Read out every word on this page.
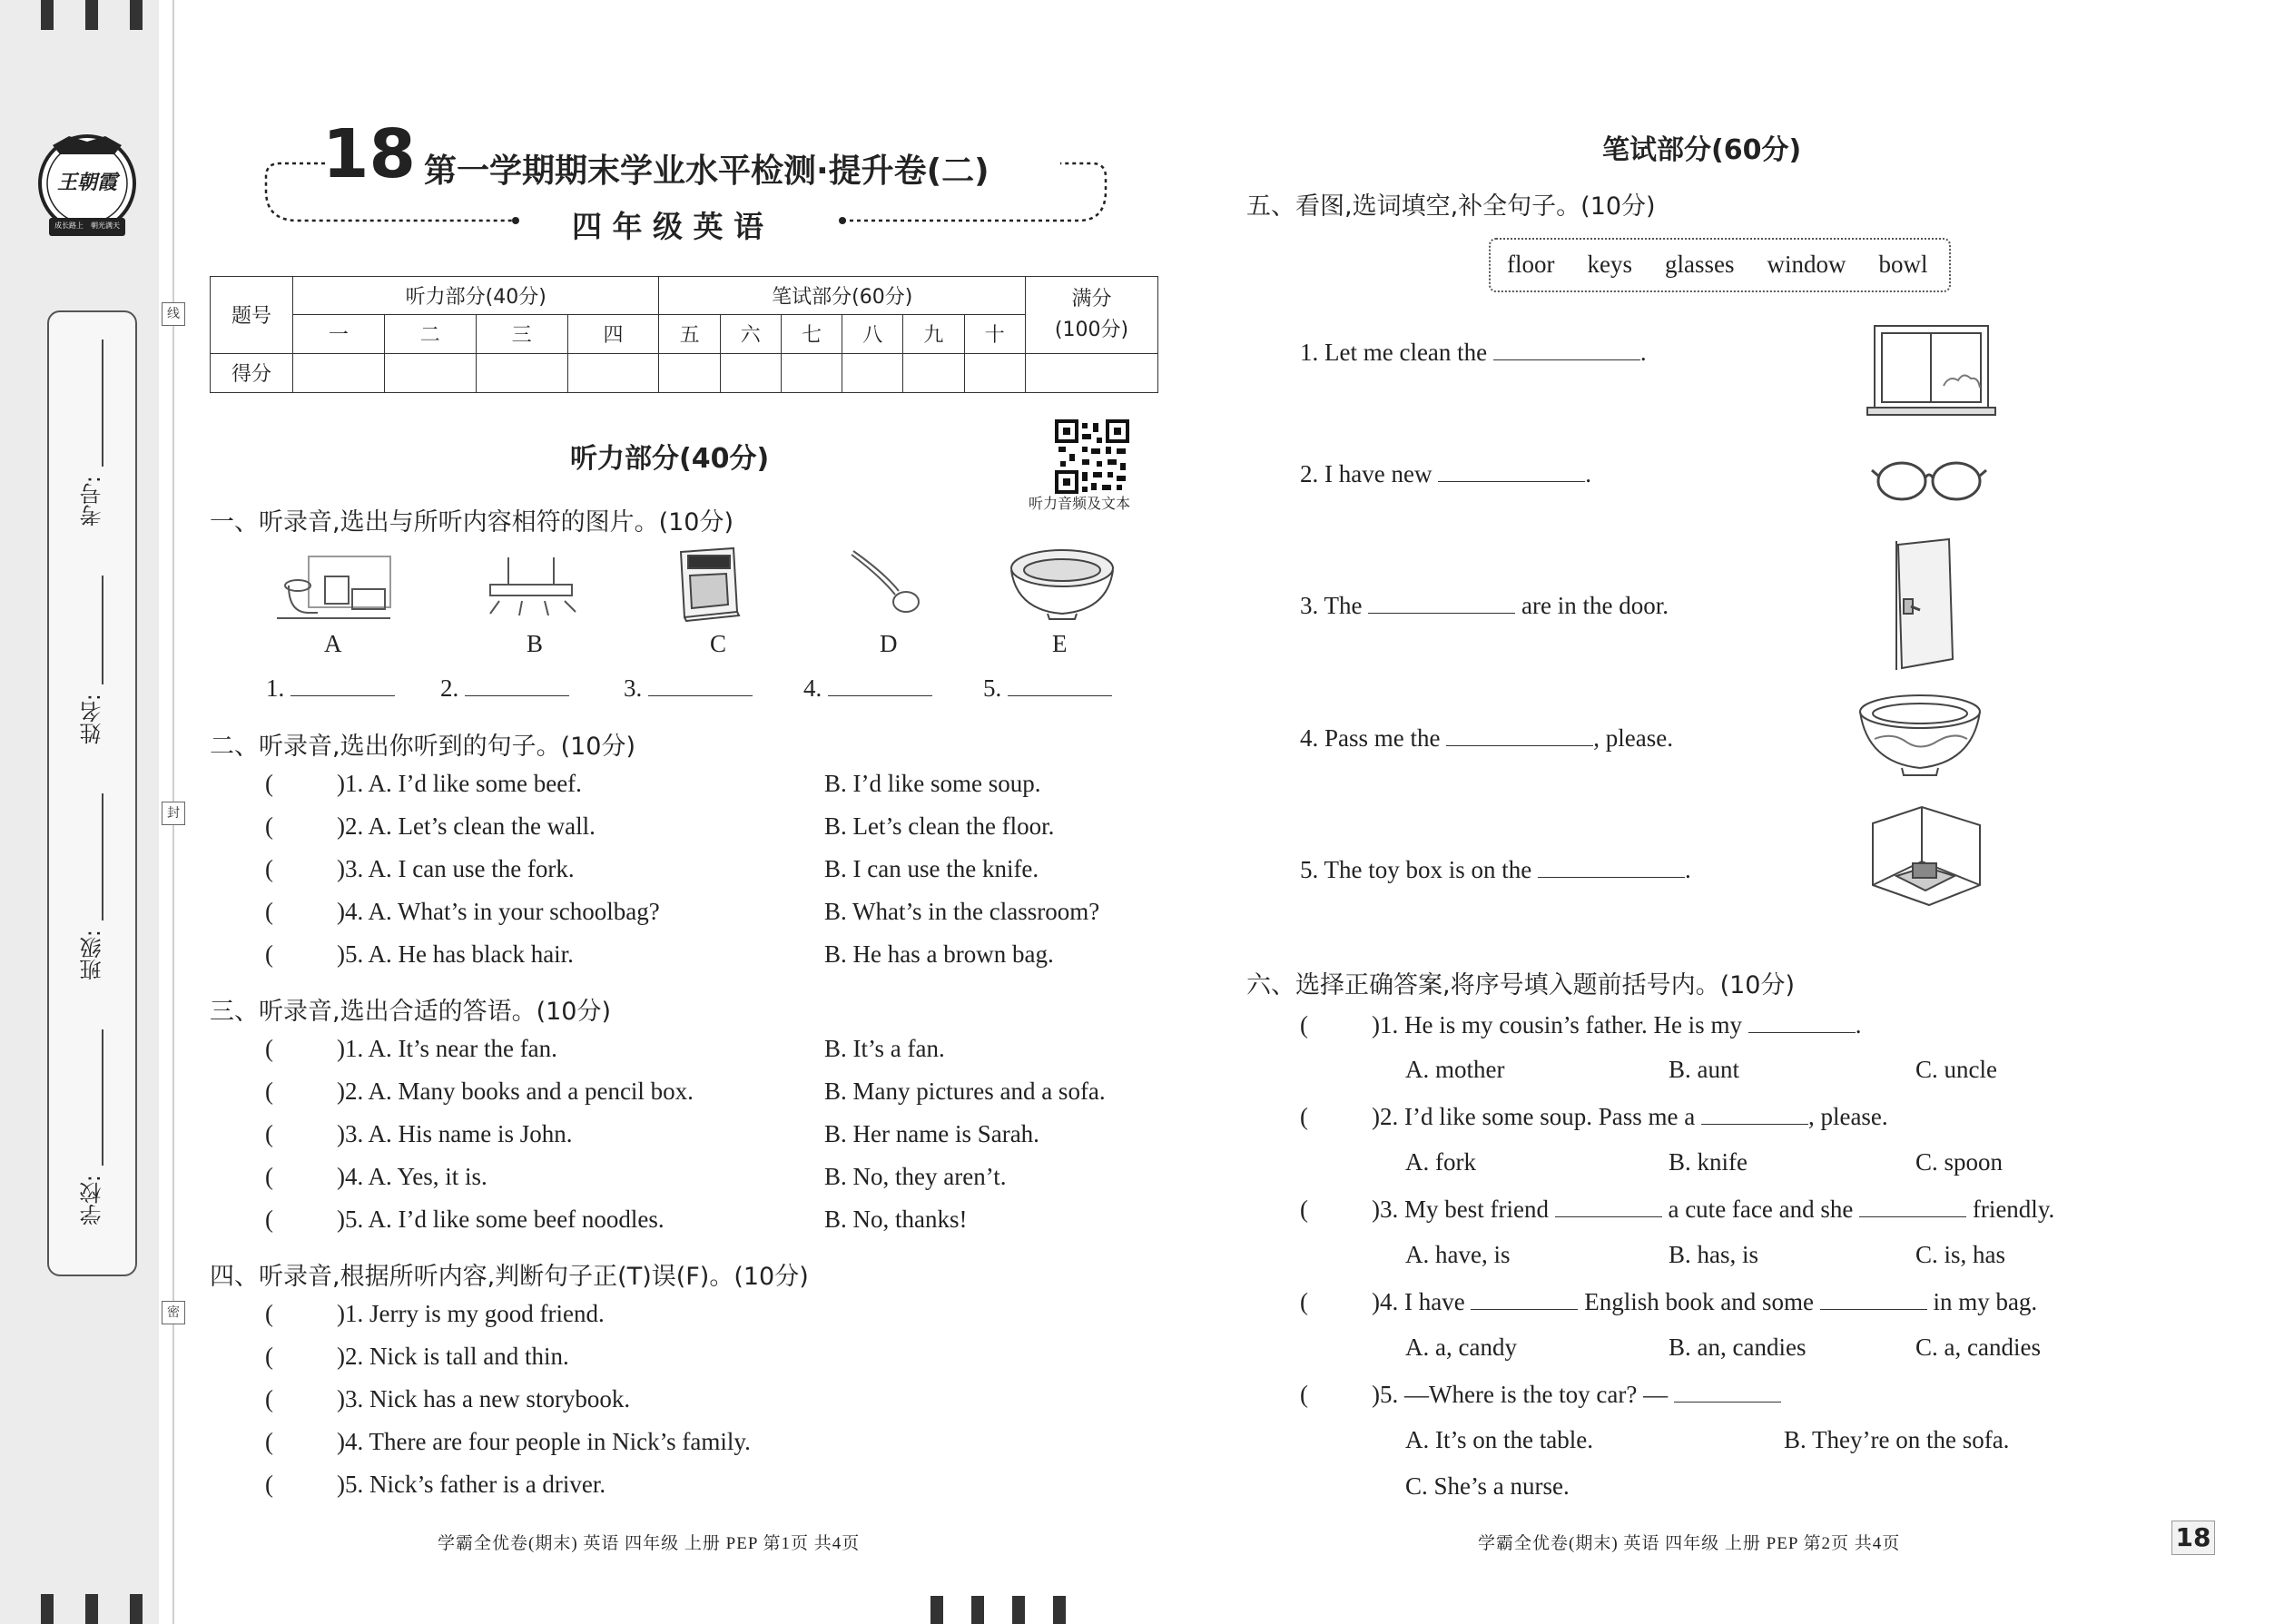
王朝霞
成长路上	朝光满天
线
封
密
考号:
姓名:
班级:
学校:
18 第一学期期末学业水平检测·提升卷(二)
四 年 级 英 语
题号	听力部分(40分)				笔试部分(60分)						满分
(100分)

	一	二	三	四	五	六	七	八	九	十	
得分											
听力部分(40分)
听力音频及文本
一、听录音,选出与所听内容相符的图片。(10分)
A	B	C	D	E
1.	2.	3.	4.	5.
二、听录音,选出你听到的句子。(10分)
(	)1. A. I’d like some beef.	B. I’d like some soup.
(	)2. A. Let’s clean the wall.	B. Let’s clean the floor.
(	)3. A. I can use the fork.	B. I can use the knife.
(	)4. A. What’s in your schoolbag?	B. What’s in the classroom?
(	)5. A. He has black hair.	B. He has a brown bag.
三、听录音,选出合适的答语。(10分)
(	)1. A. It’s near the fan.	B. It’s a fan.
(	)2. A. Many books and a pencil box.	B. Many pictures and a sofa.
(	)3. A. His name is John.	B. Her name is Sarah.
(	)4. A. Yes, it is.	B. No, they aren’t.
(	)5. A. I’d like some beef noodles.	B. No, thanks!
四、听录音,根据所听内容,判断句子正(T)误(F)。(10分)
(	)1. Jerry is my good friend.
(	)2. Nick is tall and thin.
(	)3. Nick has a new storybook.
(	)4. There are four people in Nick’s family.
(	)5. Nick’s father is a driver.
学霸全优卷(期末) 英语 四年级 上册 PEP 第1页 共4页
笔试部分(60分)
五、看图,选词填空,补全句子。(10分)
floor keys glasses window bowl
1. Let me clean the	.
2. I have new	.
3. The	are in the door.
4. Pass me the	, please.
5. The toy box is on the	.
六、选择正确答案,将序号填入题前括号内。(10分)
(	)1. He is my cousin’s father. He is my	.
A. mother	B. aunt	C. uncle
(	)2. I’d like some soup. Pass me a	, please.
A. fork	B. knife	C. spoon
(	)3. My best friend	a cute face and she	friendly.
A. have, is	B. has, is	C. is, has
(	)4. I have	English book and some	in my bag.
A. a, candy	B. an, candies	C. a, candies
(	)5. —Where is the toy car? —
A. It’s on the table.	B. They’re on the sofa.
C. She’s a nurse.
学霸全优卷(期末) 英语 四年级 上册 PEP 第2页 共4页	18
